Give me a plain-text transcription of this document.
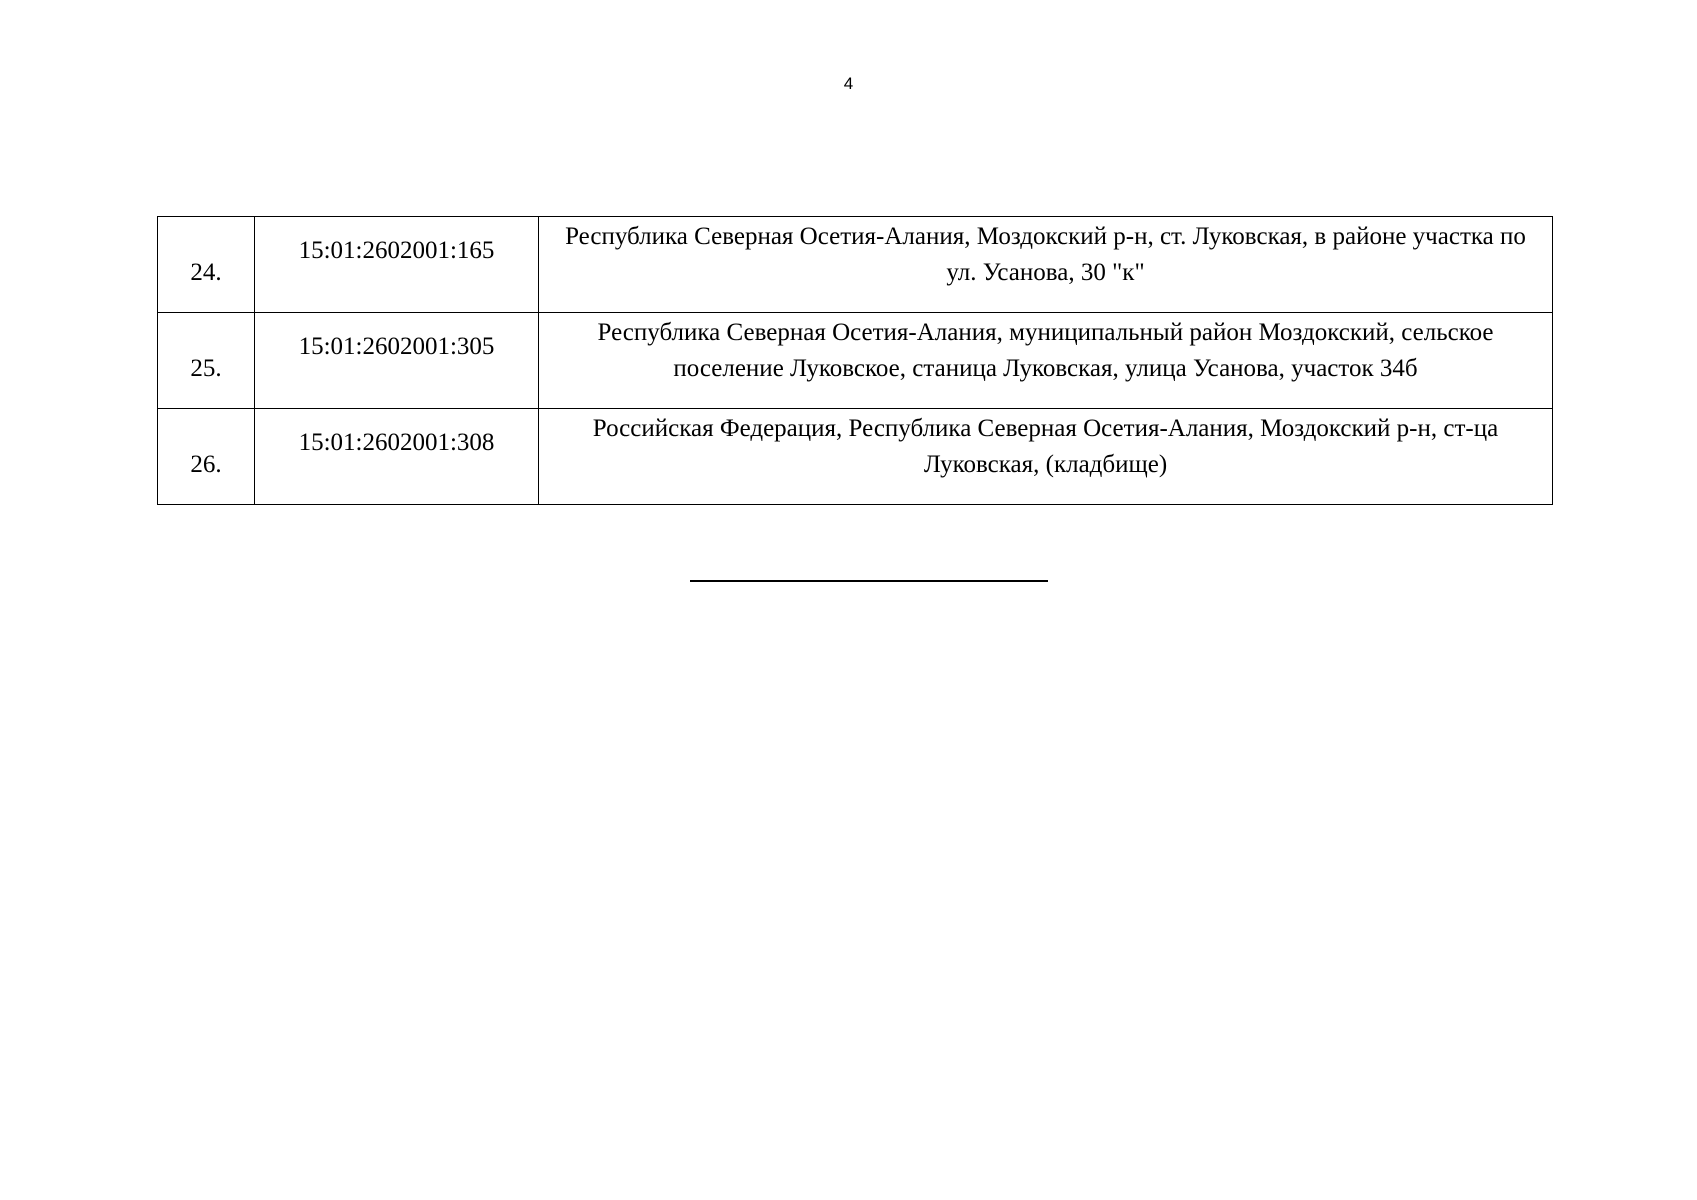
4
24.	15:01:2602001:165	Республика Северная Осетия-Алания, Моздокский р-н, ст. Луковская, в районе участка по ул. Усанова, 30 "к"
25.	15:01:2602001:305	Республика Северная Осетия-Алания, муниципальный район Моздокский, сельское поселение Луковское, станица Луковская, улица Усанова, участок 34б
26.	15:01:2602001:308	Российская Федерация, Республика Северная Осетия-Алания, Моздокский р-н, ст-ца Луковская, (кладбище)
